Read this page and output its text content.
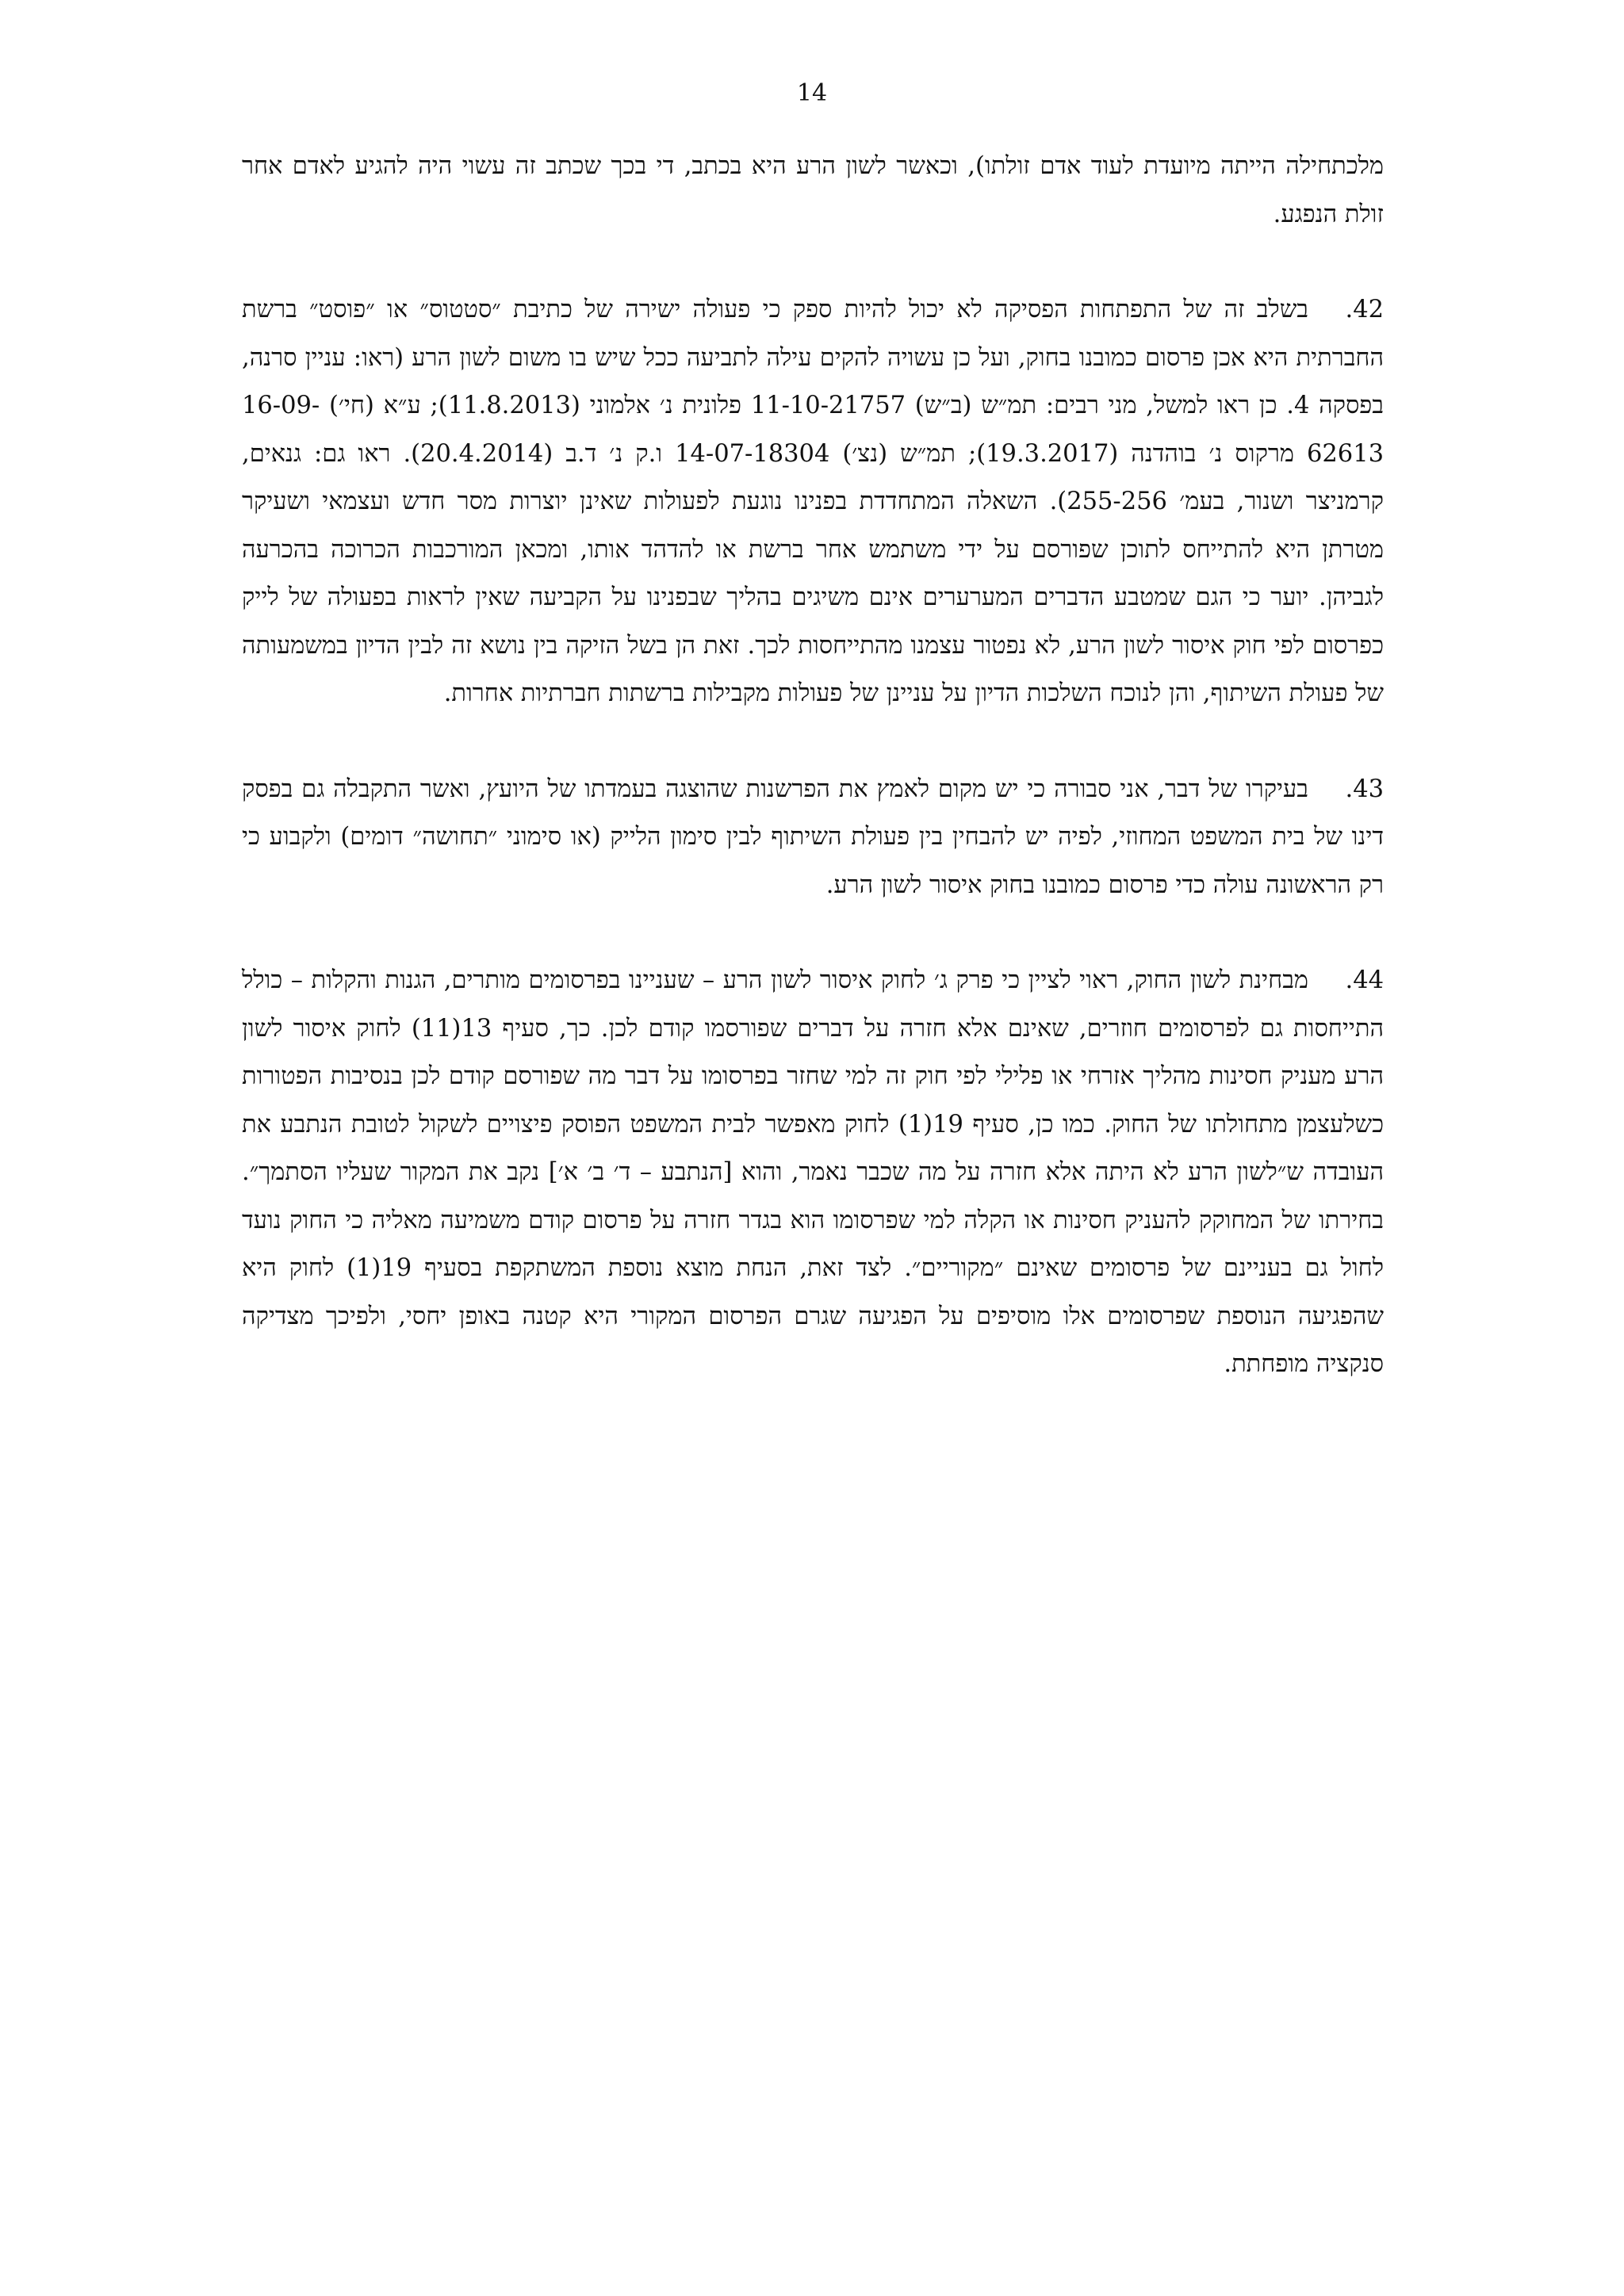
14

מלכתחילה הייתה מיועדת לעוד אדם זולתו), וכאשר לשון הרע היא בכתב, די בכך שכתב זה עשוי היה להגיע לאדם אחר זולת הנפגע.

42.בשלב זה של התפתחות הפסיקה לא יכול להיות ספק כי פעולה ישירה של כתיבת ״סטטוס״ או ״פוסט״ ברשת החברתית היא אכן פרסום כמובנו בחוק, ועל כן עשויה להקים עילה לתביעה ככל שיש בו משום לשון הרע (ראו: עניין סרנה, בפסקה 4. כן ראו למשל, מני רבים: תמ״ש (ב״ש) 11-10-21757 פלונית נ׳ אלמוני (11.8.2013); ע״א (חי׳) 16-09-62613 מרקוס נ׳ בוהדנה (19.3.2017); תמ״ש (נצ׳) 14-07-18304 ו.ק נ׳ ד.ב (20.4.2014). ראו גם: גנאים, קרמניצר ושנור, בעמ׳ 255-256). השאלה המתחדדת בפנינו נוגעת לפעולות שאינן יוצרות מסר חדש ועצמאי ושעיקר מטרתן היא להתייחס לתוכן שפורסם על ידי משתמש אחר ברשת או להדהד אותו, ומכאן המורכבות הכרוכה בהכרעה לגביהן. יוער כי הגם שמטבע הדברים המערערים אינם משיגים בהליך שבפנינו על הקביעה שאין לראות בפעולה של לייק כפרסום לפי חוק איסור לשון הרע, לא נפטור עצמנו מהתייחסות לכך. זאת הן בשל הזיקה בין נושא זה לבין הדיון במשמעותה של פעולת השיתוף, והן לנוכח השלכות הדיון על עניינן של פעולות מקבילות ברשתות חברתיות אחרות.

43.בעיקרו של דבר, אני סבורה כי יש מקום לאמץ את הפרשנות שהוצגה בעמדתו של היועץ, ואשר התקבלה גם בפסק דינו של בית המשפט המחוזי, לפיה יש להבחין בין פעולת השיתוף לבין סימון הלייק (או סימוני ״תחושה״ דומים) ולקבוע כי רק הראשונה עולה כדי פרסום כמובנו בחוק איסור לשון הרע.

44.מבחינת לשון החוק, ראוי לציין כי פרק ג׳ לחוק איסור לשון הרע – שעניינו בפרסומים מותרים, הגנות והקלות – כולל התייחסות גם לפרסומים חוזרים, שאינם אלא חזרה על דברים שפורסמו קודם לכן. כך, סעיף 13(11) לחוק איסור לשון הרע מעניק חסינות מהליך אזרחי או פלילי לפי חוק זה למי שחזר בפרסומו על דבר מה שפורסם קודם לכן בנסיבות הפטורות כשלעצמן מתחולתו של החוק. כמו כן, סעיף 19(1) לחוק מאפשר לבית המשפט הפוסק פיצויים לשקול לטובת הנתבע את העובדה ש״לשון הרע לא היתה אלא חזרה על מה שכבר נאמר, והוא [הנתבע – ד׳ ב׳ א׳] נקב את המקור שעליו הסתמך״. בחירתו של המחוקק להעניק חסינות או הקלה למי שפרסומו הוא בגדר חזרה על פרסום קודם משמיעה מאליה כי החוק נועד לחול גם בעניינם של פרסומים שאינם ״מקוריים״. לצד זאת, הנחת מוצא נוספת המשתקפת בסעיף 19(1) לחוק היא שהפגיעה הנוספת שפרסומים אלו מוסיפים על הפגיעה שגרם הפרסום המקורי היא קטנה באופן יחסי, ולפיכך מצדיקה סנקציה מופחתת.
